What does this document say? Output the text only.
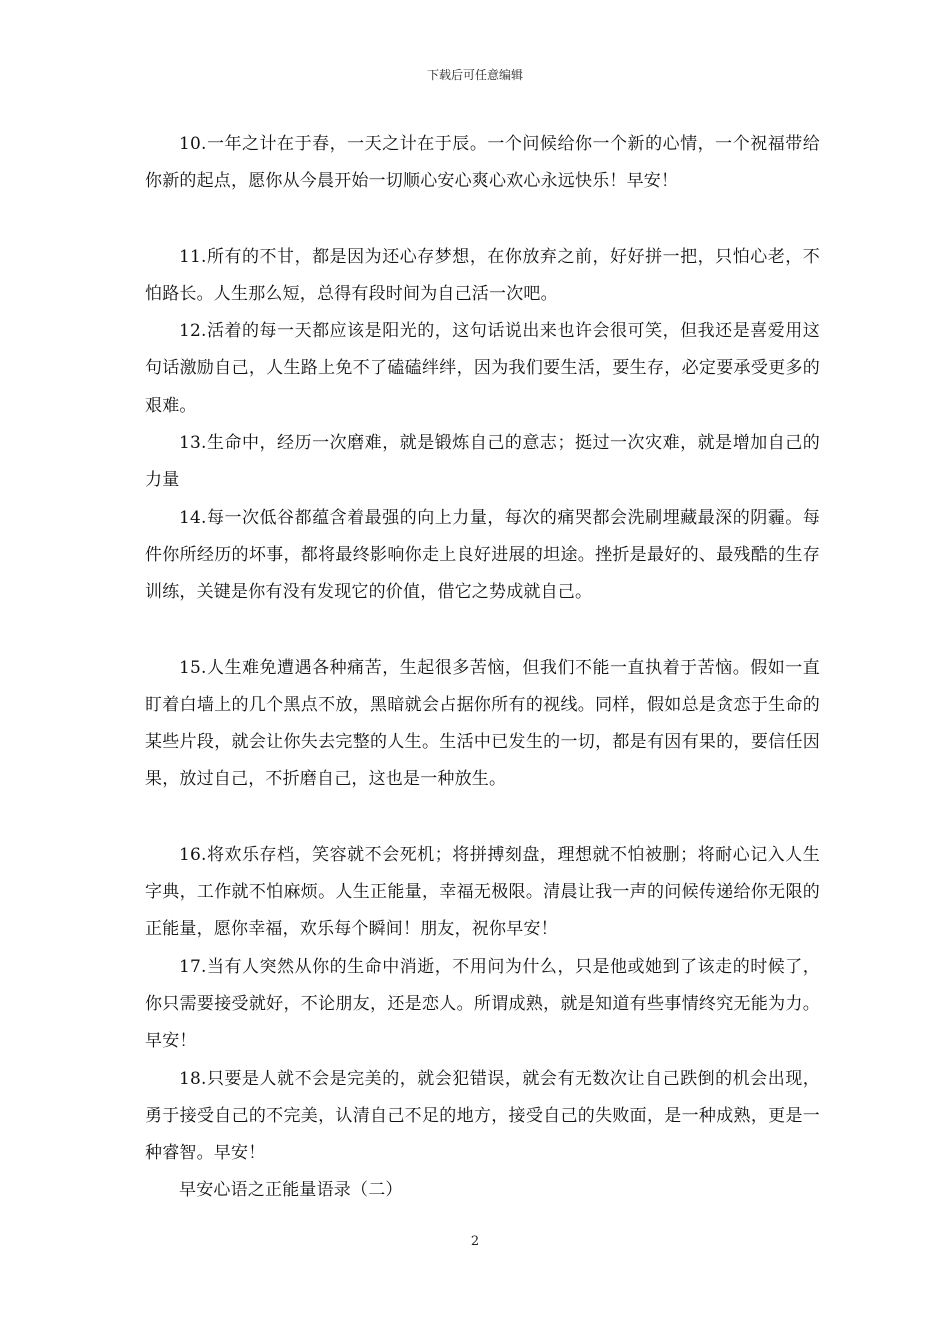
下载后可任意编辑

10.一年之计在于春，一天之计在于辰。一个问候给你一个新的心情，一个祝福带给你新的起点，愿你从今晨开始一切顺心安心爽心欢心永远快乐！早安！

11.所有的不甘，都是因为还心存梦想，在你放弃之前，好好拼一把，只怕心老，不怕路长。人生那么短，总得有段时间为自己活一次吧。

12.活着的每一天都应该是阳光的，这句话说出来也许会很可笑，但我还是喜爱用这句话激励自己，人生路上免不了磕磕绊绊，因为我们要生活，要生存，必定要承受更多的艰难。

13.生命中，经历一次磨难，就是锻炼自己的意志；挺过一次灾难，就是增加自己的力量

14.每一次低谷都蕴含着最强的向上力量，每次的痛哭都会洗刷埋藏最深的阴霾。每件你所经历的坏事，都将最终影响你走上良好进展的坦途。挫折是最好的、最残酷的生存训练，关键是你有没有发现它的价值，借它之势成就自己。

15.人生难免遭遇各种痛苦，生起很多苦恼，但我们不能一直执着于苦恼。假如一直盯着白墙上的几个黑点不放，黑暗就会占据你所有的视线。同样，假如总是贪恋于生命的某些片段，就会让你失去完整的人生。生活中已发生的一切，都是有因有果的，要信任因果，放过自己，不折磨自己，这也是一种放生。

16.将欢乐存档，笑容就不会死机；将拼搏刻盘，理想就不怕被删；将耐心记入人生字典，工作就不怕麻烦。人生正能量，幸福无极限。清晨让我一声的问候传递给你无限的正能量，愿你幸福，欢乐每个瞬间！朋友，祝你早安！

17.当有人突然从你的生命中消逝，不用问为什么，只是他或她到了该走的时候了，你只需要接受就好，不论朋友，还是恋人。所谓成熟，就是知道有些事情终究无能为力。早安！

18.只要是人就不会是完美的，就会犯错误，就会有无数次让自己跌倒的机会出现，勇于接受自己的不完美，认清自己不足的地方，接受自己的失败面，是一种成熟，更是一种睿智。早安！

早安心语之正能量语录（二）

2
